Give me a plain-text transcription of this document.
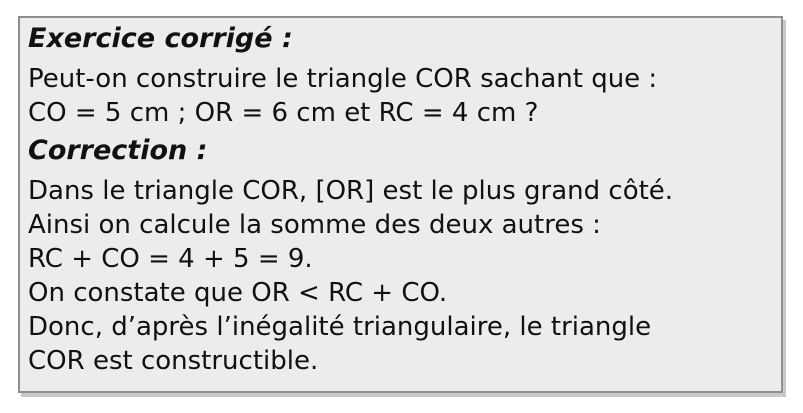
Exercice corrigé :
Peut-on construire le triangle COR sachant que :
CO = 5 cm ; OR = 6 cm et RC = 4 cm ?
Correction :
Dans le triangle COR, [OR] est le plus grand côté.
Ainsi on calcule la somme des deux autres :
RC + CO = 4 + 5 = 9.
On constate que OR < RC + CO.
Donc, d’après l’inégalité triangulaire, le triangle
COR est constructible.
